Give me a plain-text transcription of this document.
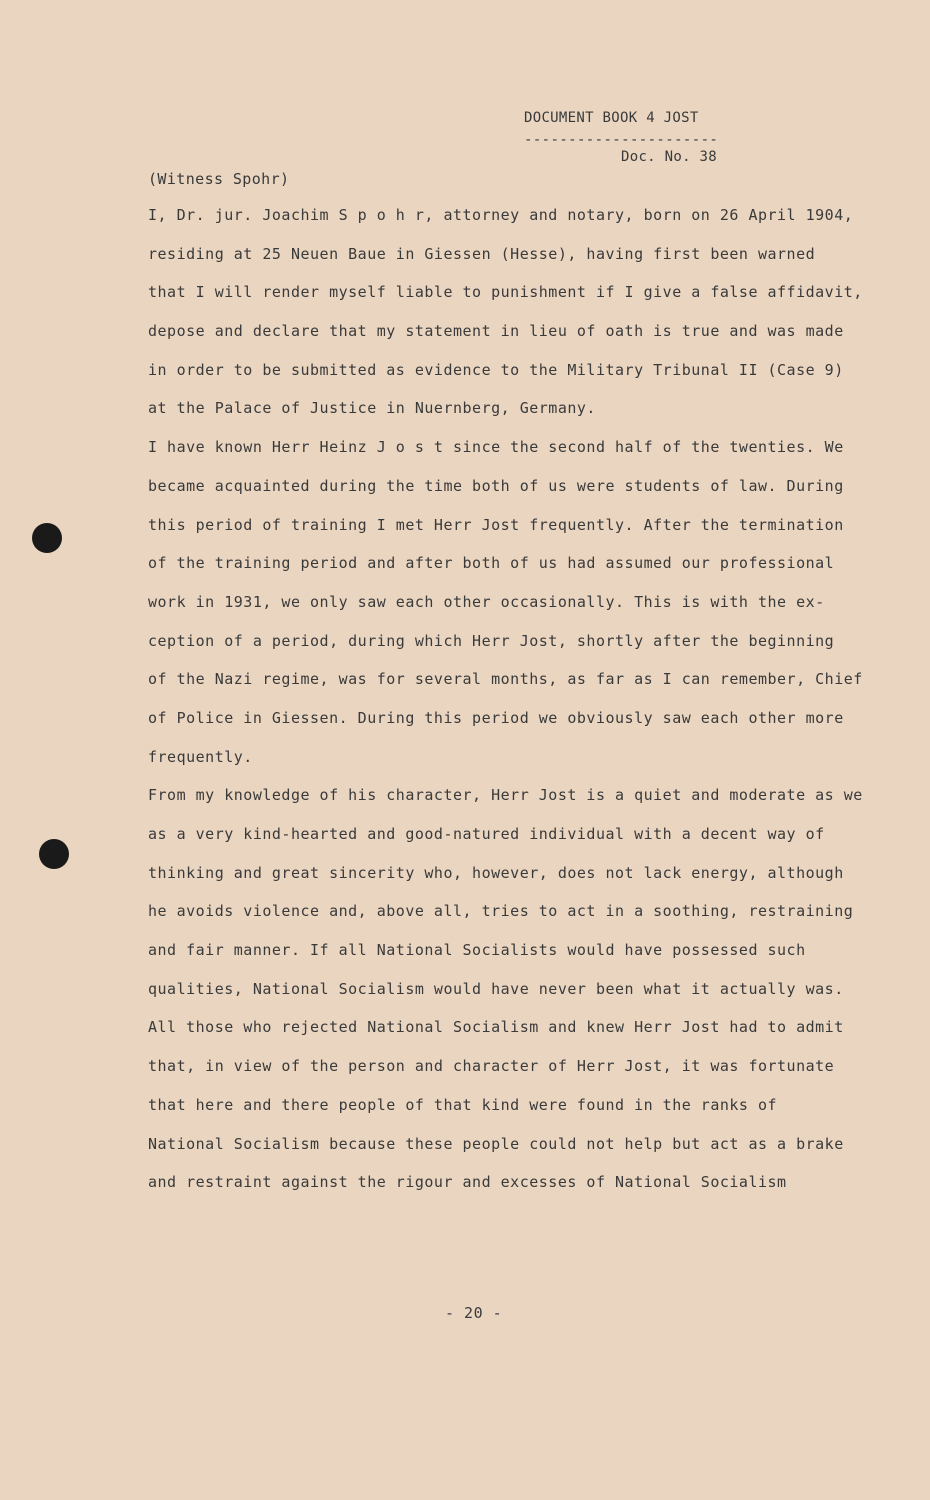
DOCUMENT BOOK 4 JOST
----------------------
Doc. No. 38
(Witness Spohr)
I, Dr. jur. Joachim S p o h r, attorney and notary, born on 26 April 1904,
residing at 25 Neuen Baue in Giessen (Hesse), having first been warned
that I will render myself liable to punishment if I give a false affidavit,
depose and declare that my statement in lieu of oath is true and was made
in order to be submitted as evidence to the Military Tribunal II (Case 9)
at the Palace of Justice in Nuernberg, Germany.
I have known Herr Heinz J o s t since the second half of the twenties. We
became acquainted during the time both of us were students of law. During
this period of training I met Herr Jost frequently. After the termination
of the training period and after both of us had assumed our professional
work in 1931, we only saw each other occasionally. This is with the ex-
ception of a period, during which Herr Jost, shortly after the beginning
of the Nazi regime, was for several months, as far as I can remember, Chief
of Police in Giessen. During this period we obviously saw each other more
frequently.
From my knowledge of his character, Herr Jost is a quiet and moderate as we
as a very kind-hearted and good-natured individual with a decent way of
thinking and great sincerity who, however, does not lack energy, although
he avoids violence and, above all, tries to act in a soothing, restraining
and fair manner. If all National Socialists would have possessed such
qualities, National Socialism would have never been what it actually was.
All those who rejected National Socialism and knew Herr Jost had to admit
that, in view of the person and character of Herr Jost, it was fortunate
that here and there people of that kind were found in the ranks of
National Socialism because these people could not help but act as a brake
and restraint against the rigour and excesses of National Socialism
- 20 -
